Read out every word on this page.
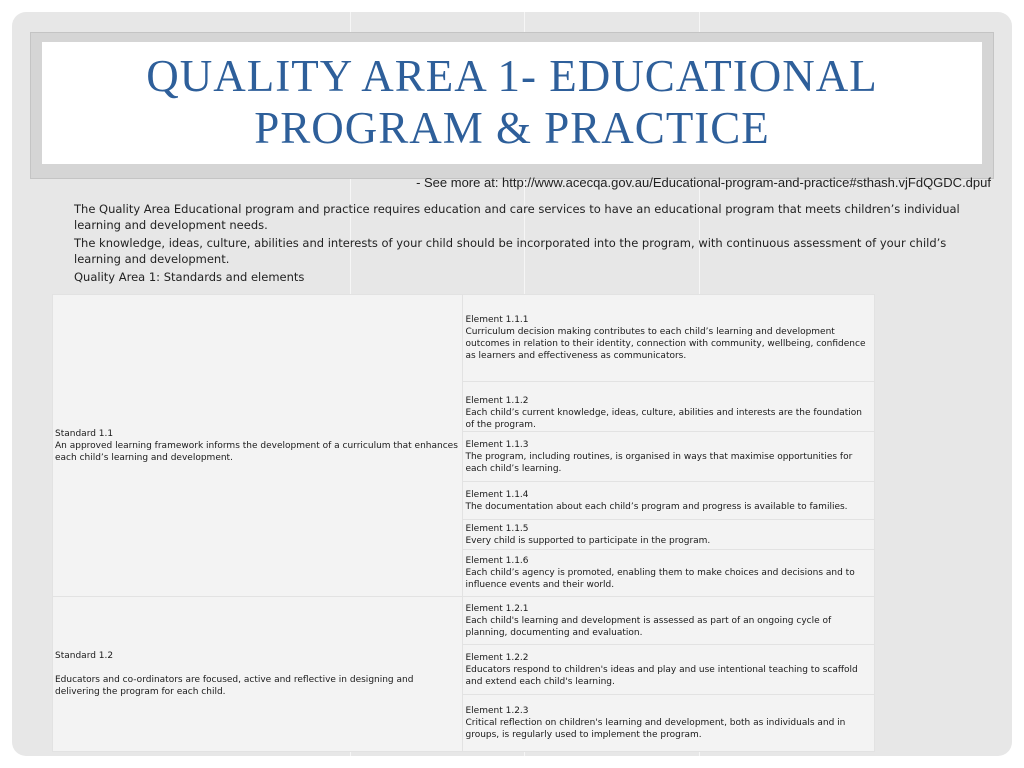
QUALITY AREA 1- EDUCATIONAL
PROGRAM & PRACTICE
- See more at: http://www.acecqa.gov.au/Educational-program-and-practice#sthash.vjFdQGDC.dpuf

The Quality Area Educational program and practice requires education and care services to have an educational program that meets children’s individual learning and development needs.

The knowledge, ideas, culture, abilities and interests of your child should be incorporated into the program, with continuous assessment of your child’s learning and development.

Quality Area 1: Standards and elements

Standard 1.1
An approved learning framework informs the development of a curriculum that enhances each child’s learning and development.	Element 1.1.1
Curriculum decision making contributes to each child’s learning and development outcomes in relation to their identity, connection with community, wellbeing, confidence as learners and effectiveness as communicators.

	Element 1.1.2
Each child’s current knowledge, ideas, culture, abilities and interests are the foundation of the program.

	Element 1.1.3
The program, including routines, is organised in ways that maximise opportunities for each child’s learning.

	Element 1.1.4
The documentation about each child’s program and progress is available to families.

	Element 1.1.5
Every child is supported to participate in the program.

	Element 1.1.6
Each child’s agency is promoted, enabling them to make choices and decisions and to influence events and their world.

Standard 1.2
Educators and co-ordinators are focused, active and reflective in designing and delivering the program for each child.	Element 1.2.1
Each child's learning and development is assessed as part of an ongoing cycle of planning, documenting and evaluation.

	Element 1.2.2
Educators respond to children's ideas and play and use intentional teaching to scaffold and extend each child's learning.

	Element 1.2.3
Critical reflection on children's learning and development, both as individuals and in groups, is regularly used to implement the program.
